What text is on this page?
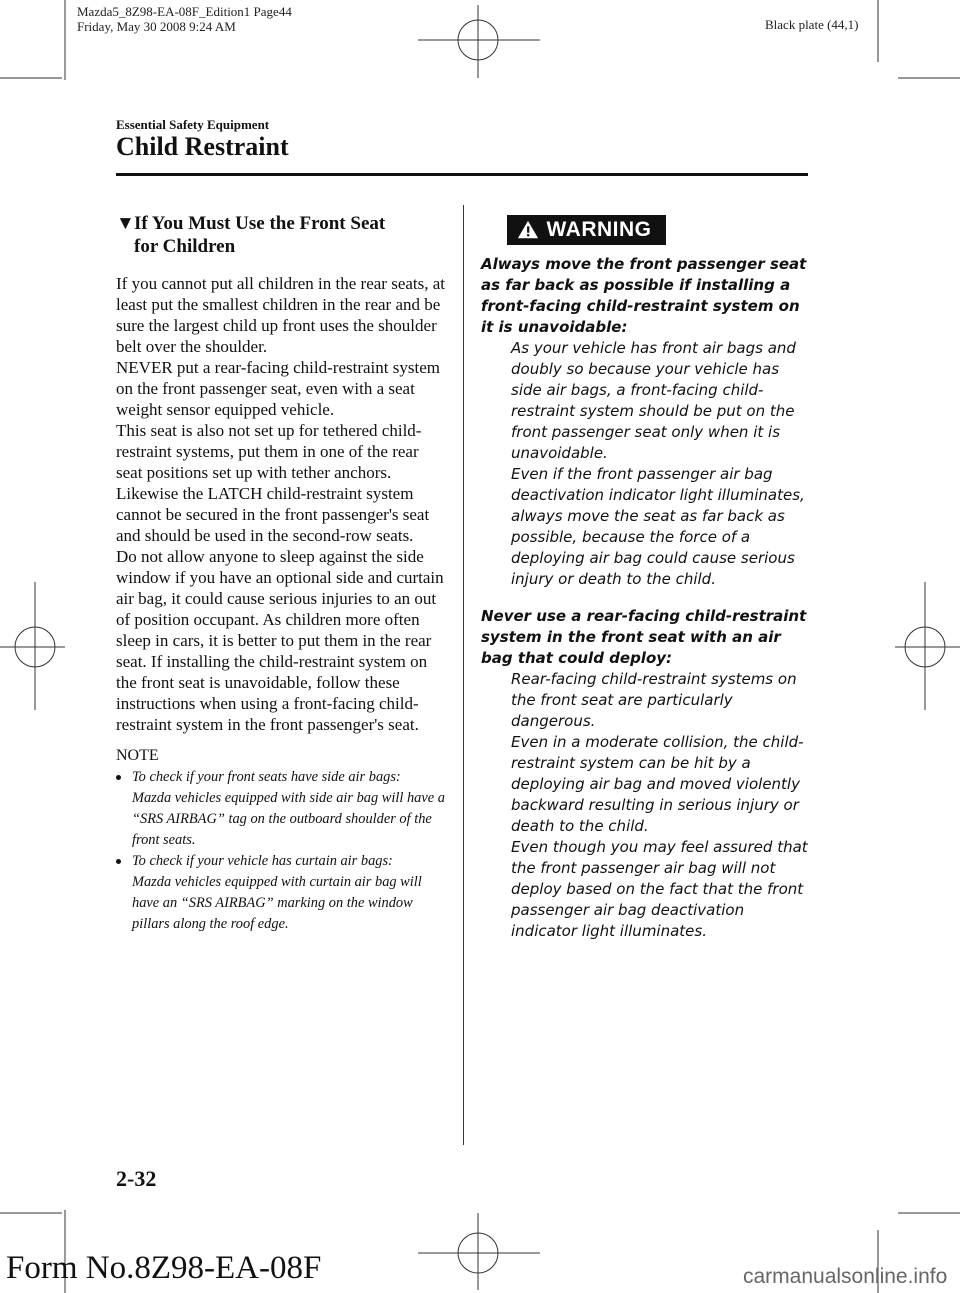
Mazda5_8Z98-EA-08F_Edition1 Page44
Friday, May 30 2008 9:24 AM	Black plate (44,1)
Essential Safety Equipment
Child Restraint
▼If You Must Use the Front Seat
for Children

If you cannot put all children in the rear seats, at least put the smallest children in the rear and be sure the largest child up front uses the shoulder belt over the shoulder.

NEVER put a rear-facing child-restraint system on the front passenger seat, even with a seat weight sensor equipped vehicle.

This seat is also not set up for tethered child-restraint systems, put them in one of the rear seat positions set up with tether anchors.

Likewise the LATCH child-restraint system cannot be secured in the front passenger's seat and should be used in the second-row seats.

Do not allow anyone to sleep against the side window if you have an optional side and curtain air bag, it could cause serious injuries to an out of position occupant. As children more often sleep in cars, it is better to put them in the rear seat. If installing the child-restraint system on the front seat is unavoidable, follow these instructions when using a front-facing child-restraint system in the front passenger's seat.

NOTE
To check if your front seats have side air bags:
Mazda vehicles equipped with side air bag will have a “SRS AIRBAG” tag on the outboard shoulder of the front seats.
To check if your vehicle has curtain air bags:
Mazda vehicles equipped with curtain air bag will have an “SRS AIRBAG” marking on the window pillars along the roof edge.
WARNING
Always move the front passenger seat as far back as possible if installing a front-facing child-restraint system on it is unavoidable:
As your vehicle has front air bags and doubly so because your vehicle has side air bags, a front-facing child-restraint system should be put on the front passenger seat only when it is unavoidable.
Even if the front passenger air bag deactivation indicator light illuminates, always move the seat as far back as possible, because the force of a deploying air bag could cause serious injury or death to the child.
Never use a rear-facing child-restraint system in the front seat with an air bag that could deploy:
Rear-facing child-restraint systems on the front seat are particularly dangerous.
Even in a moderate collision, the child-restraint system can be hit by a deploying air bag and moved violently backward resulting in serious injury or death to the child.
Even though you may feel assured that the front passenger air bag will not deploy based on the fact that the front passenger air bag deactivation indicator light illuminates.
2-32
Form No.8Z98-EA-08F	carmanualsonline.info
